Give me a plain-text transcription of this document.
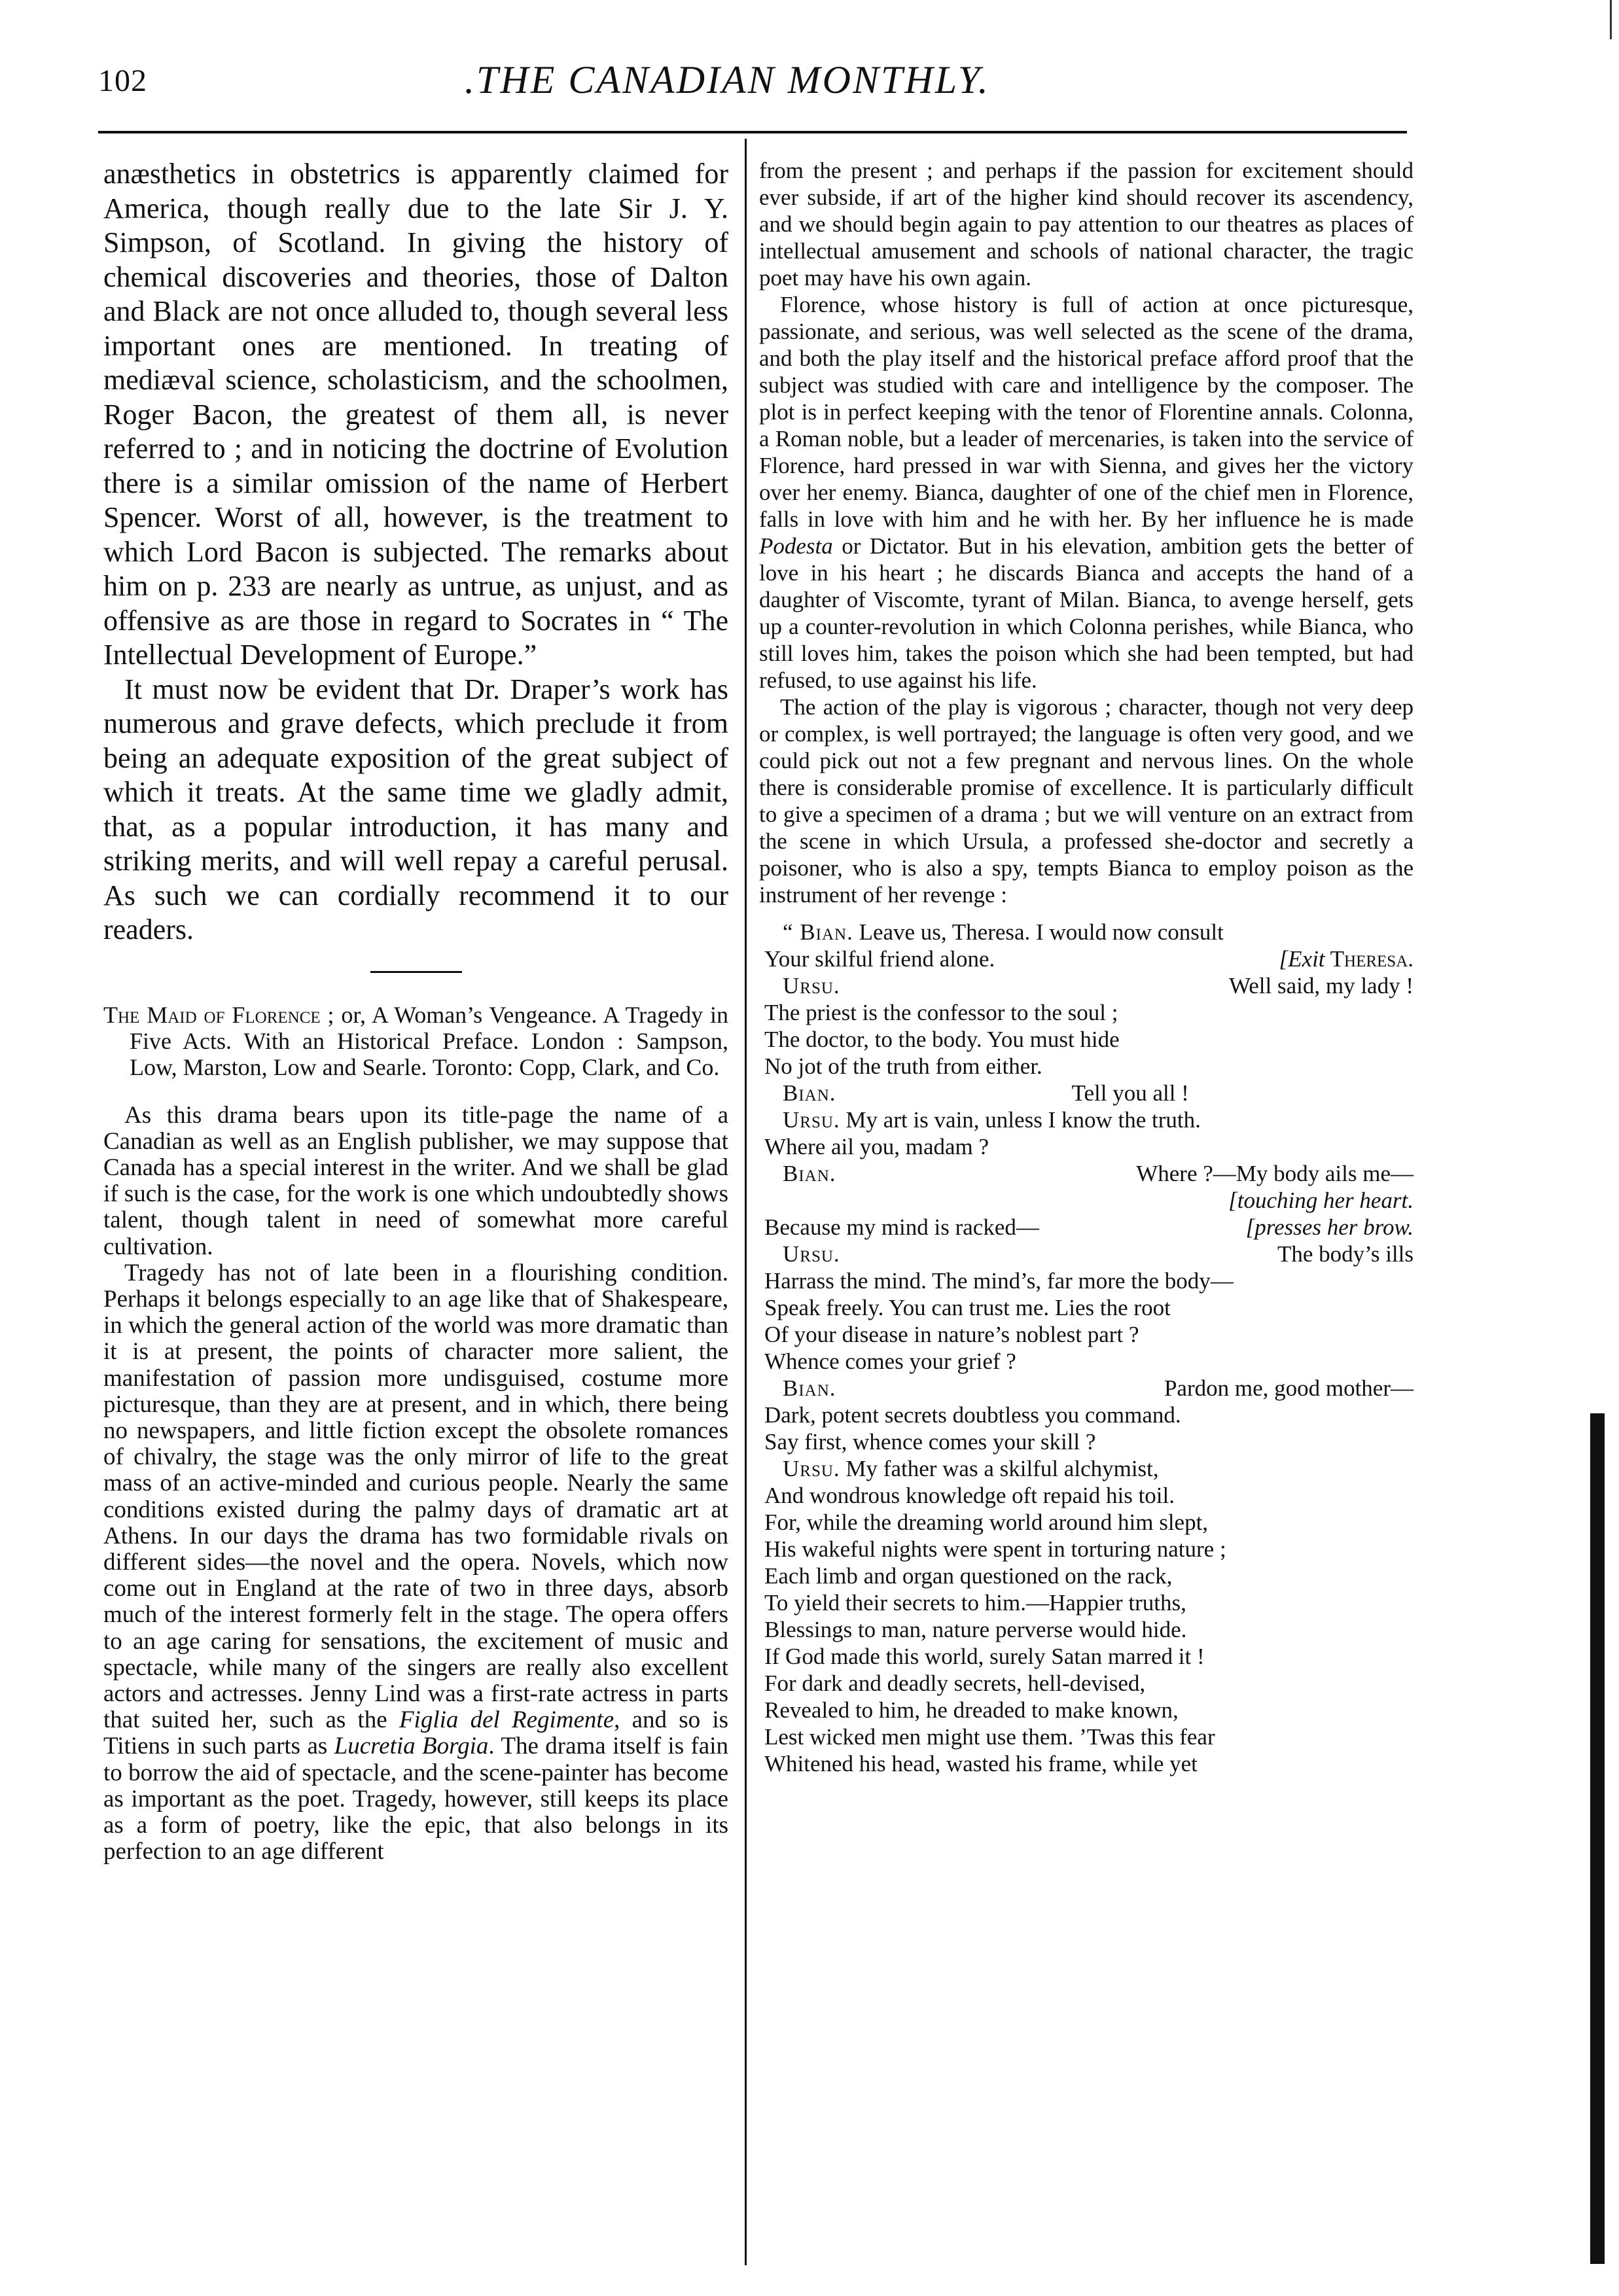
102	.THE CANADIAN MONTHLY.

anæsthetics in obstetrics is apparently claimed for America, though really due to the late Sir J. Y. Simpson, of Scotland. In giving the history of chemical discoveries and theories, those of Dalton and Black are not once alluded to, though several less important ones are mentioned. In treating of mediæval science, scholasticism, and the schoolmen, Roger Bacon, the greatest of them all, is never referred to ; and in noticing the doctrine of Evolution there is a similar omission of the name of Herbert Spencer. Worst of all, however, is the treatment to which Lord Bacon is subjected. The remarks about him on p. 233 are nearly as untrue, as unjust, and as offensive as are those in regard to Socrates in “ The Intellectual Development of Europe.”

It must now be evident that Dr. Draper’s work has numerous and grave defects, which preclude it from being an adequate exposition of the great subject of which it treats. At the same time we gladly admit, that, as a popular introduction, it has many and striking merits, and will well repay a careful perusal. As such we can cordially recommend it to our readers.

The Maid of Florence ; or, A Woman’s Vengeance. A Tragedy in Five Acts. With an Historical Preface. London : Sampson, Low, Marston, Low and Searle. Toronto: Copp, Clark, and Co.

As this drama bears upon its title-page the name of a Canadian as well as an English publisher, we may suppose that Canada has a special interest in the writer. And we shall be glad if such is the case, for the work is one which undoubtedly shows talent, though talent in need of somewhat more careful cultivation.

Tragedy has not of late been in a flourishing condition. Perhaps it belongs especially to an age like that of Shakespeare, in which the general action of the world was more dramatic than it is at present, the points of character more salient, the manifestation of passion more undisguised, costume more picturesque, than they are at present, and in which, there being no newspapers, and little fiction except the obsolete romances of chivalry, the stage was the only mirror of life to the great mass of an active-minded and curious people. Nearly the same conditions existed during the palmy days of dramatic art at Athens. In our days the drama has two formidable rivals on different sides—the novel and the opera. Novels, which now come out in England at the rate of two in three days, absorb much of the interest formerly felt in the stage. The opera offers to an age caring for sensations, the excitement of music and spectacle, while many of the singers are really also excellent actors and actresses. Jenny Lind was a first-rate actress in parts that suited her, such as the Figlia del Regimente, and so is Titiens in such parts as Lucretia Borgia. The drama itself is fain to borrow the aid of spectacle, and the scene-painter has become as important as the poet. Tragedy, however, still keeps its place as a form of poetry, like the epic, that also belongs in its perfection to an age different

from the present ; and perhaps if the passion for excitement should ever subside, if art of the higher kind should recover its ascendency, and we should begin again to pay attention to our theatres as places of intellectual amusement and schools of national character, the tragic poet may have his own again.

Florence, whose history is full of action at once picturesque, passionate, and serious, was well selected as the scene of the drama, and both the play itself and the historical preface afford proof that the subject was studied with care and intelligence by the composer. The plot is in perfect keeping with the tenor of Florentine annals. Colonna, a Roman noble, but a leader of mercenaries, is taken into the service of Florence, hard pressed in war with Sienna, and gives her the victory over her enemy. Bianca, daughter of one of the chief men in Florence, falls in love with him and he with her. By her influence he is made Podesta or Dictator. But in his elevation, ambition gets the better of love in his heart ; he discards Bianca and accepts the hand of a daughter of Viscomte, tyrant of Milan. Bianca, to avenge herself, gets up a counter-revolution in which Colonna perishes, while Bianca, who still loves him, takes the poison which she had been tempted, but had refused, to use against his life.

The action of the play is vigorous ; character, though not very deep or complex, is well portrayed; the language is often very good, and we could pick out not a few pregnant and nervous lines. On the whole there is considerable promise of excellence. It is particularly difficult to give a specimen of a drama ; but we will venture on an extract from the scene in which Ursula, a professed she-doctor and secretly a poisoner, who is also a spy, tempts Bianca to employ poison as the instrument of her revenge :

“ Bian. Leave us, Theresa. I would now consult
Your skilful friend alone.	[Exit Theresa.
Ursu.	Well said, my lady !
The priest is the confessor to the soul ;
The doctor, to the body. You must hide
No jot of the truth from either.
Bian.	Tell you all !
Ursu. My art is vain, unless I know the truth.
Where ail you, madam ?
Bian.	Where ?—My body ails me—
[touching her heart.

Because my mind is racked—	[presses her brow.
Ursu.	The body’s ills
Harrass the mind. The mind’s, far more the body—
Speak freely. You can trust me. Lies the root
Of your disease in nature’s noblest part ?
Whence comes your grief ?
Bian.	Pardon me, good mother—
Dark, potent secrets doubtless you command.
Say first, whence comes your skill ?
Ursu. My father was a skilful alchymist,
And wondrous knowledge oft repaid his toil.
For, while the dreaming world around him slept,
His wakeful nights were spent in torturing nature ;
Each limb and organ questioned on the rack,
To yield their secrets to him.—Happier truths,
Blessings to man, nature perverse would hide.
If God made this world, surely Satan marred it !
For dark and deadly secrets, hell-devised,
Revealed to him, he dreaded to make known,
Lest wicked men might use them. ’Twas this fear
Whitened his head, wasted his frame, while yet
